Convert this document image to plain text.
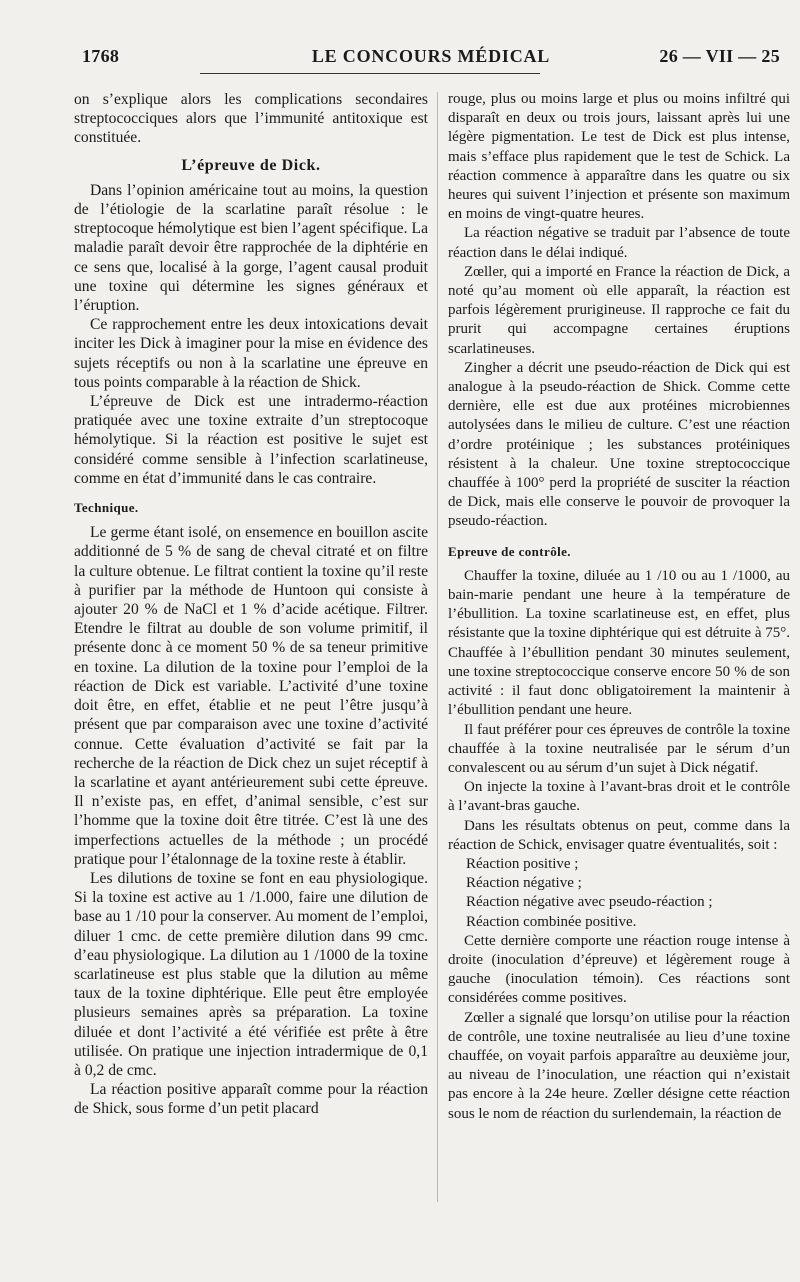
1768	LE CONCOURS MÉDICAL	26 — VII — 25

on s’explique alors les complications secondaires streptococciques alors que l’immunité antitoxique est constituée.

L’épreuve de Dick.

Dans l’opinion américaine tout au moins, la question de l’étiologie de la scarlatine paraît résolue : le streptocoque hémolytique est bien l’agent spécifique. La maladie paraît devoir être rapprochée de la diphtérie en ce sens que, localisé à la gorge, l’agent causal produit une toxine qui détermine les signes généraux et l’éruption.

Ce rapprochement entre les deux intoxications devait inciter les Dick à imaginer pour la mise en évidence des sujets réceptifs ou non à la scarlatine une épreuve en tous points comparable à la réaction de Shick.

L’épreuve de Dick est une intradermo-réaction pratiquée avec une toxine extraite d’un streptocoque hémolytique. Si la réaction est positive le sujet est considéré comme sensible à l’infection scarlatineuse, comme en état d’immunité dans le cas contraire.

Technique.

Le germe étant isolé, on ensemence en bouillon ascite additionné de 5 % de sang de cheval citraté et on filtre la culture obtenue. Le filtrat contient la toxine qu’il reste à purifier par la méthode de Huntoon qui consiste à ajouter 20 % de NaCl et 1 % d’acide acétique. Filtrer. Etendre le filtrat au double de son volume primitif, il présente donc à ce moment 50 % de sa teneur primitive en toxine. La dilution de la toxine pour l’emploi de la réaction de Dick est variable. L’activité d’une toxine doit être, en effet, établie et ne peut l’être jusqu’à présent que par comparaison avec une toxine d’activité connue. Cette évaluation d’activité se fait par la recherche de la réaction de Dick chez un sujet réceptif à la scarlatine et ayant antérieurement subi cette épreuve. Il n’existe pas, en effet, d’animal sensible, c’est sur l’homme que la toxine doit être titrée. C’est là une des imperfections actuelles de la méthode ; un procédé pratique pour l’étalonnage de la toxine reste à établir.

Les dilutions de toxine se font en eau physiologique. Si la toxine est active au 1 /1.000, faire une dilution de base au 1 /10 pour la conserver. Au moment de l’emploi, diluer 1 cmc. de cette première dilution dans 99 cmc. d’eau physiologique. La dilution au 1 /1000 de la toxine scarlatineuse est plus stable que la dilution au même taux de la toxine diphtérique. Elle peut être employée plusieurs semaines après sa préparation. La toxine diluée et dont l’activité a été vérifiée est prête à être utilisée. On pratique une injection intradermique de 0,1 à 0,2 de cmc.

La réaction positive apparaît comme pour la réaction de Shick, sous forme d’un petit placard

rouge, plus ou moins large et plus ou moins infiltré qui disparaît en deux ou trois jours, laissant après lui une légère pigmentation. Le test de Dick est plus intense, mais s’efface plus rapidement que le test de Schick. La réaction commence à apparaître dans les quatre ou six heures qui suivent l’injection et présente son maximum en moins de vingt-quatre heures.

La réaction négative se traduit par l’absence de toute réaction dans le délai indiqué.

Zœller, qui a importé en France la réaction de Dick, a noté qu’au moment où elle apparaît, la réaction est parfois légèrement prurigineuse. Il rapproche ce fait du prurit qui accompagne certaines éruptions scarlatineuses.

Zingher a décrit une pseudo-réaction de Dick qui est analogue à la pseudo-réaction de Shick. Comme cette dernière, elle est due aux protéines microbiennes autolysées dans le milieu de culture. C’est une réaction d’ordre protéinique ; les substances protéiniques résistent à la chaleur. Une toxine streptococcique chauffée à 100° perd la propriété de susciter la réaction de Dick, mais elle conserve le pouvoir de provoquer la pseudo-réaction.

Epreuve de contrôle.

Chauffer la toxine, diluée au 1 /10 ou au 1 /1000, au bain-marie pendant une heure à la température de l’ébullition. La toxine scarlatineuse est, en effet, plus résistante que la toxine diphtérique qui est détruite à 75°. Chauffée à l’ébullition pendant 30 minutes seulement, une toxine streptococcique conserve encore 50 % de son activité : il faut donc obligatoirement la maintenir à l’ébullition pendant une heure.

Il faut préférer pour ces épreuves de contrôle la toxine chauffée à la toxine neutralisée par le sérum d’un convalescent ou au sérum d’un sujet à Dick négatif.

On injecte la toxine à l’avant-bras droit et le contrôle à l’avant-bras gauche.

Dans les résultats obtenus on peut, comme dans la réaction de Schick, envisager quatre éventualités, soit :

Réaction positive ;

Réaction négative ;

Réaction négative avec pseudo-réaction ;

Réaction combinée positive.

Cette dernière comporte une réaction rouge intense à droite (inoculation d’épreuve) et légèrement rouge à gauche (inoculation témoin). Ces réactions sont considérées comme positives.

Zœller a signalé que lorsqu’on utilise pour la réaction de contrôle, une toxine neutralisée au lieu d’une toxine chauffée, on voyait parfois apparaître au deuxième jour, au niveau de l’inoculation, une réaction qui n’existait pas encore à la 24e heure. Zœller désigne cette réaction sous le nom de réaction du surlendemain, la réaction de
